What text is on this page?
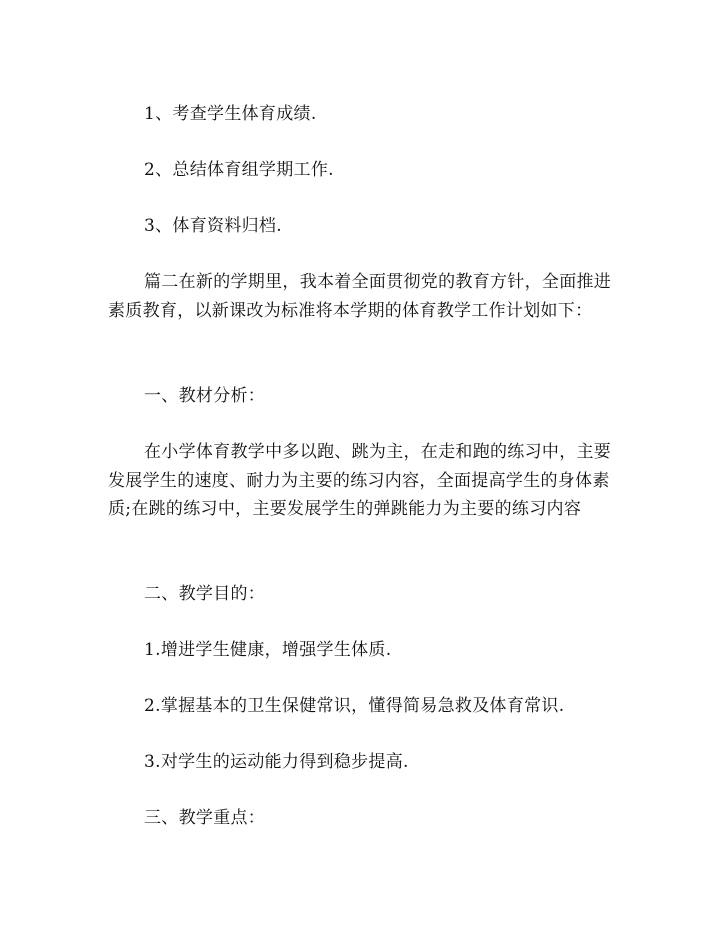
1、考查学生体育成绩.

2、总结体育组学期工作.

3、体育资料归档.

篇二在新的学期里，我本着全面贯彻党的教育方针，全面推进素质教育，以新课改为标准将本学期的体育教学工作计划如下：

一、教材分析：

在小学体育教学中多以跑、跳为主，在走和跑的练习中，主要发展学生的速度、耐力为主要的练习内容，全面提高学生的身体素质;在跳的练习中，主要发展学生的弹跳能力为主要的练习内容

二、教学目的：

1.增进学生健康，增强学生体质.

2.掌握基本的卫生保健常识，懂得简易急救及体育常识.

3.对学生的运动能力得到稳步提高.

三、教学重点：
